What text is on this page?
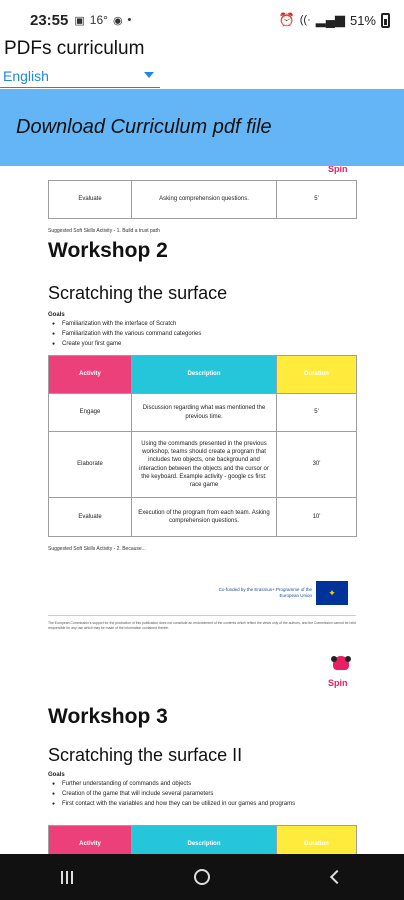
23:55 ▣ 16° ◉ •	⏰ ((· ▂▄▆ 51%
PDFs curriculum
English
Download Curriculum pdf file
Spin
Evaluate	Asking comprehension questions.	5'
Suggested Soft Skills Activity - 1. Build a trust path
Workshop 2
Scratching the surface
Goals
● Familiarization with the interface of Scratch
● Familiarization with the various command categories
● Create your first game
Activity	Description	Duration
Engage	Discussion regarding what was mentioned the previous time.	5'
Elaborate	Using the commands presented in the previous workshop, teams should create a program that includes two objects, one background and interaction between the objects and the cursor or the keyboard. Example activity - google cs first: race game	30'
Evaluate	Execution of the program from each team. Asking comprehension questions.	10'
Suggested Soft Skills Activity - 2. Because...
Co-funded by the Erasmus+ Programme of the European Union	✦
The European Commission's support for the production of this publication does not constitute an endorsement of the contents which reflect the views only of the authors, and the Commission cannot be held responsible for any use which may be made of the information contained therein.
Spin
Workshop 3
Scratching the surface II
Goals
● Further understanding of commands and objects
● Creation of the game that will include several parameters
● First contact with the variables and how they can be utilized in our games and programs
Activity	Description	Duration
